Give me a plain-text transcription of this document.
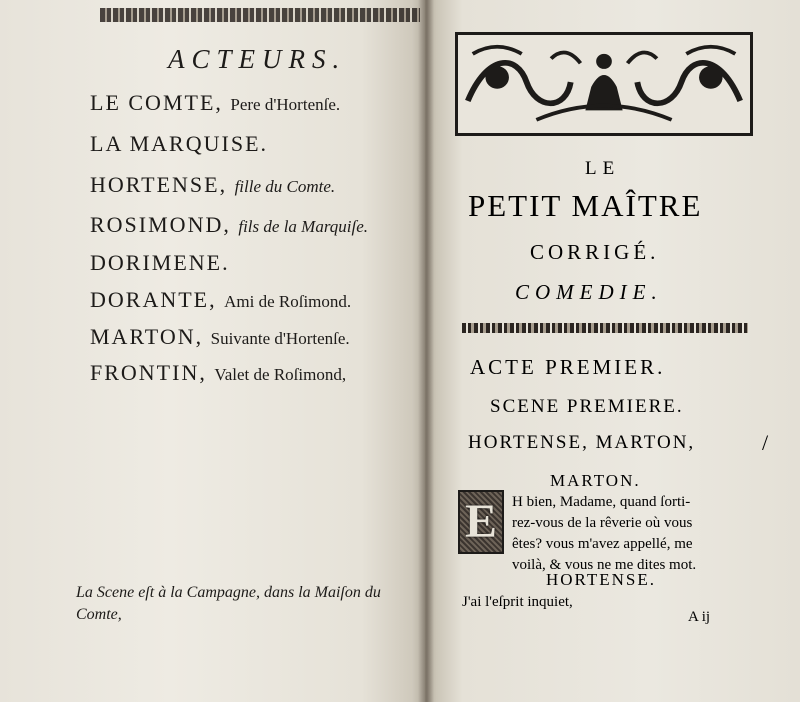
ACTEURS.
LE COMTE, Pere d'Hortenſe.
LA MARQUISE.
HORTENSE, fille du Comte.
ROSIMOND, fils de la Marquiſe.
DORIMENE.
DORANTE, Ami de Roſimond.
MARTON, Suivante d'Hortenſe.
FRONTIN, Valet de Roſimond,
La Scene eſt à la Campagne, dans la Maiſon du Comte,
LE
PETIT MAÎTRE
CORRIGÉ.
COMEDIE.
ACTE PREMIER.
SCENE PREMIERE.
HORTENSE, MARTON,	/
MARTON.
E H bien, Madame, quand ſorti-
rez-vous de la rêverie où vous
êtes? vous m'avez appellé, me
voilà, & vous ne me dites mot.
HORTENSE.
J'ai l'eſprit inquiet,
A ij
